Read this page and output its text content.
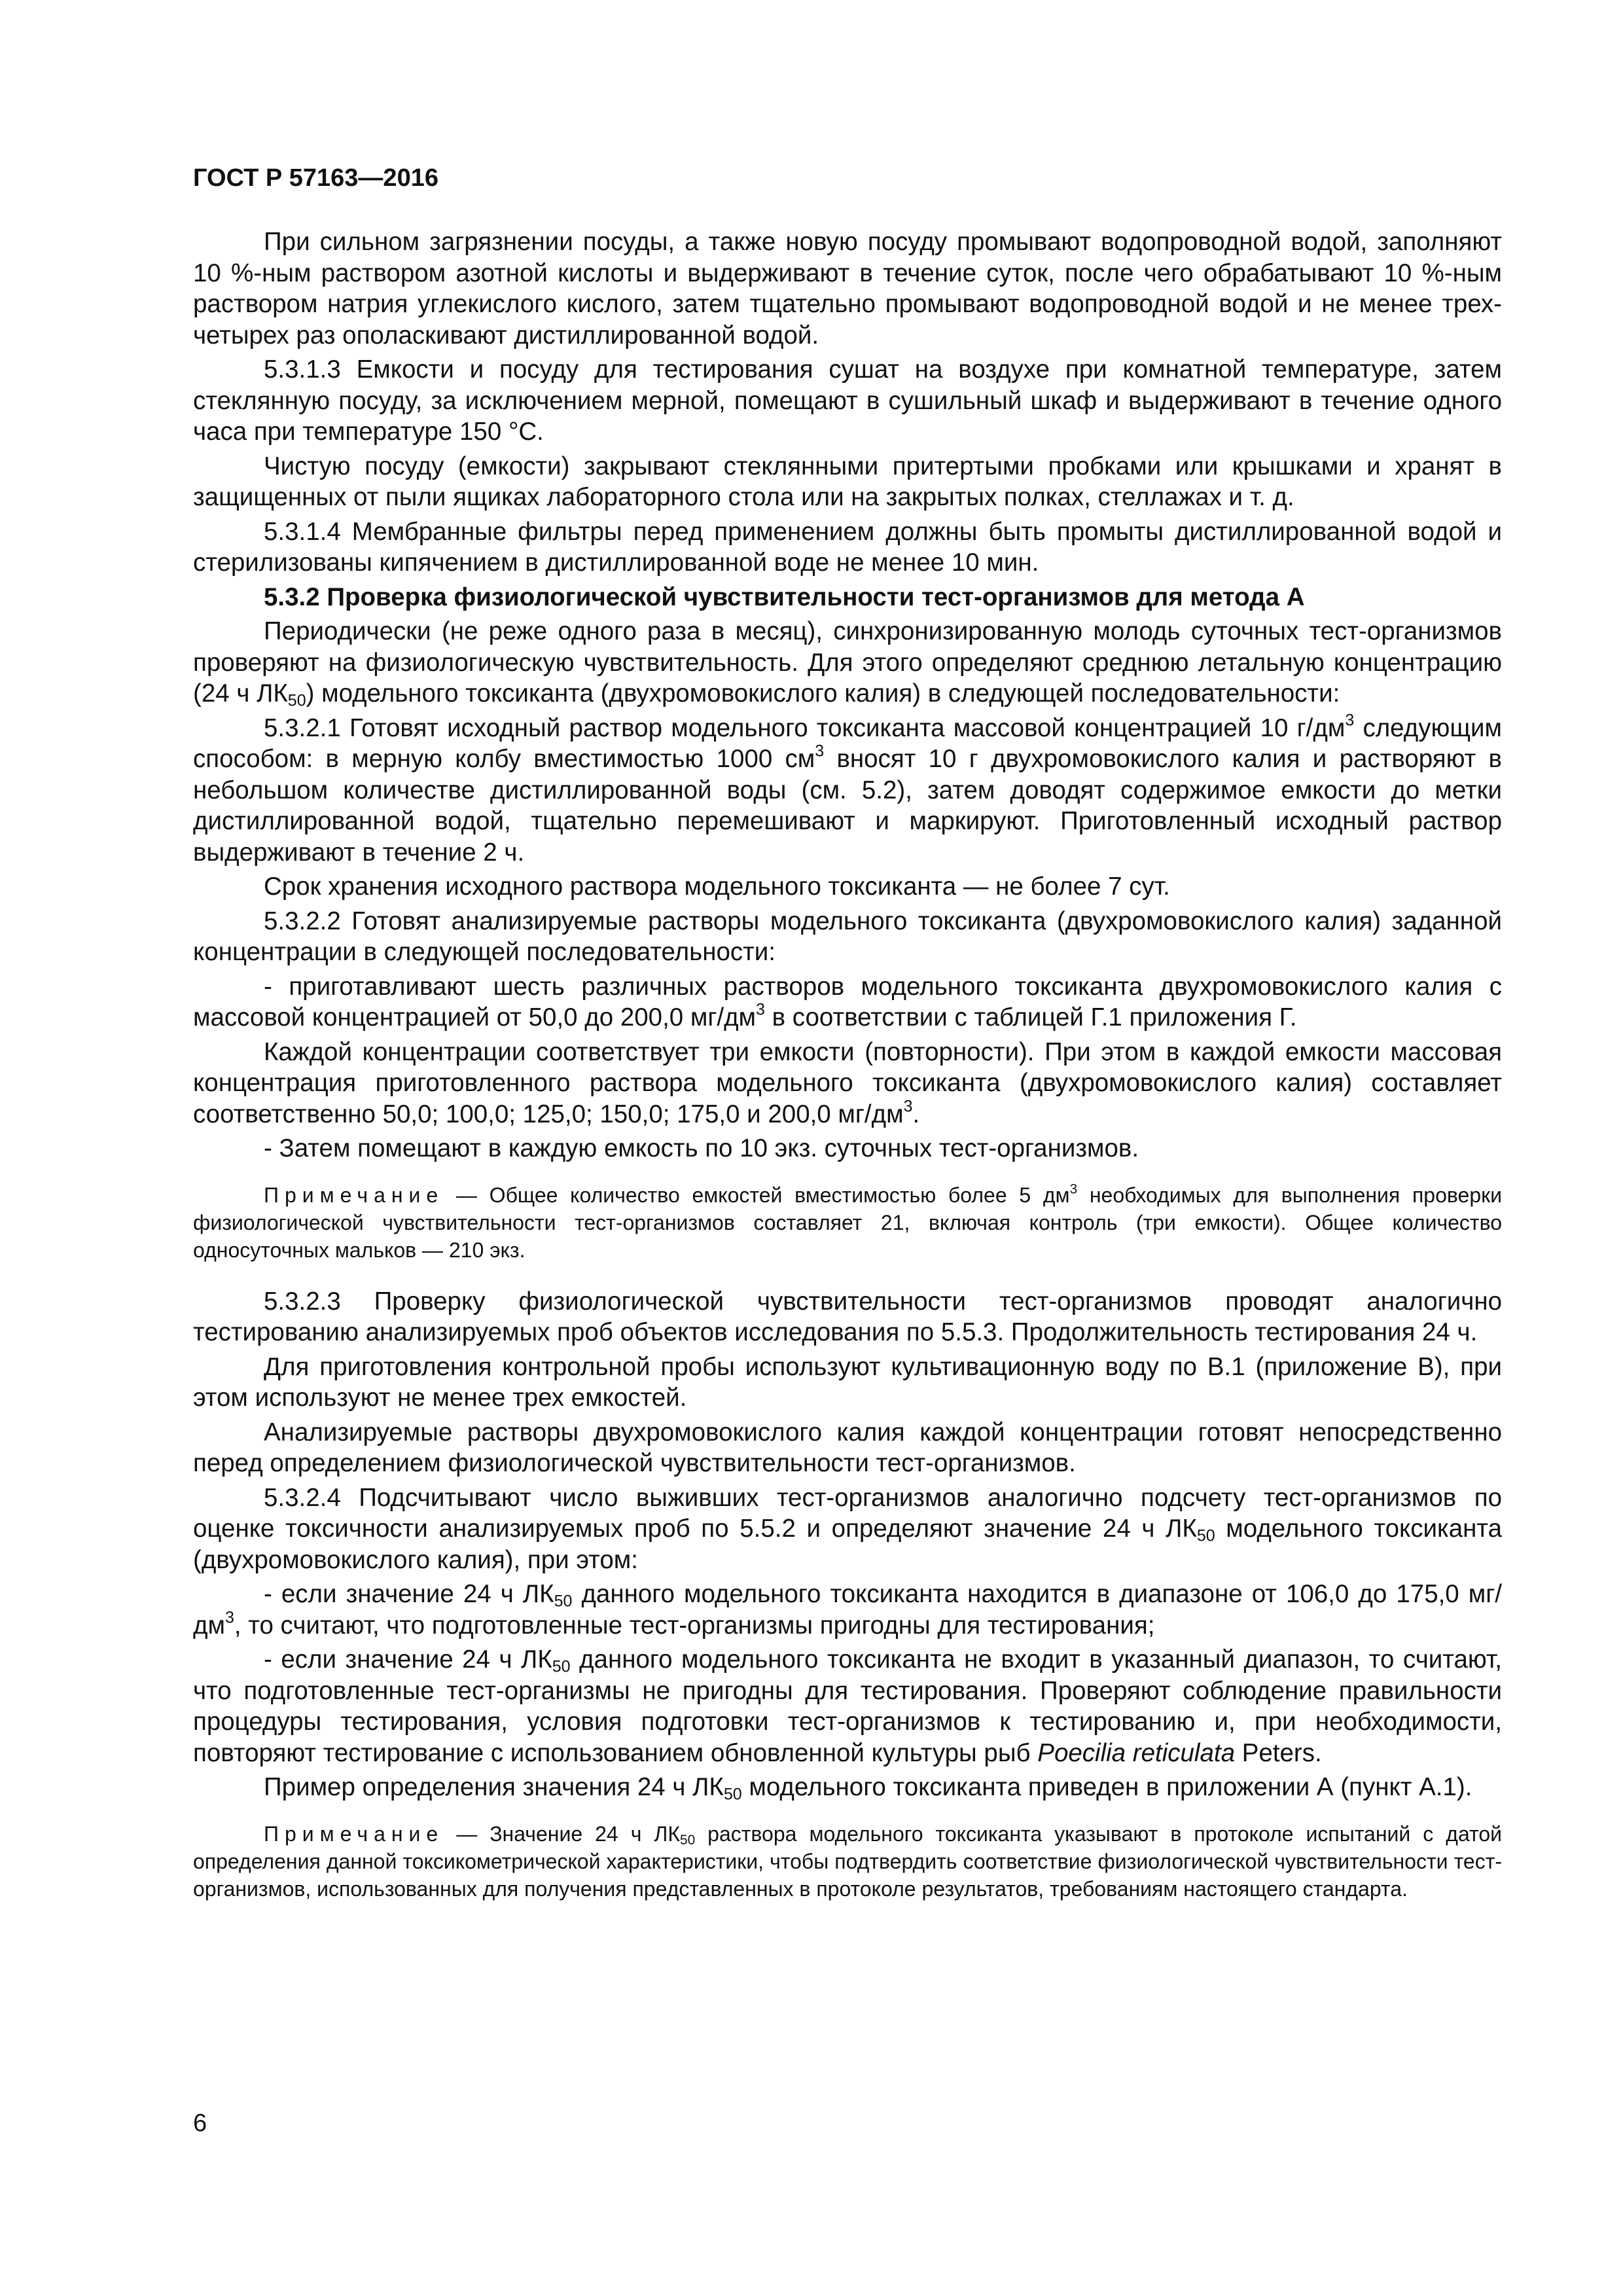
ГОСТ Р 57163—2016

При сильном загрязнении посуды, а также новую посуду промывают водопроводной водой, заполняют 10 %-ным раствором азотной кислоты и выдерживают в течение суток, после чего обрабатывают 10 %-ным раствором натрия углекислого кислого, затем тщательно промывают водопроводной водой и не менее трех-четырех раз ополаскивают дистиллированной водой.

5.3.1.3 Емкости и посуду для тестирования сушат на воздухе при комнатной температуре, затем стеклянную посуду, за исключением мерной, помещают в сушильный шкаф и выдерживают в течение одного часа при температуре 150 °C.

Чистую посуду (емкости) закрывают стеклянными притертыми пробками или крышками и хранят в защищенных от пыли ящиках лабораторного стола или на закрытых полках, стеллажах и т. д.

5.3.1.4 Мембранные фильтры перед применением должны быть промыты дистиллированной водой и стерилизованы кипячением в дистиллированной воде не менее 10 мин.

5.3.2 Проверка физиологической чувствительности тест-организмов для метода А

Периодически (не реже одного раза в месяц), синхронизированную молодь суточных тест-организмов проверяют на физиологическую чувствительность. Для этого определяют среднюю летальную концентрацию (24 ч $ЛК_{50}$) модельного токсиканта (двухромовокислого калия) в следующей последовательности:

5.3.2.1 Готовят исходный раствор модельного токсиканта массовой концентрацией 10 $г/дм^3$ следующим способом: в мерную колбу вместимостью 1000 $см^3$ вносят 10 г двухромовокислого калия и растворяют в небольшом количестве дистиллированной воды (см. 5.2), затем доводят содержимое емкости до метки дистиллированной водой, тщательно перемешивают и маркируют. Приготовленный исходный раствор выдерживают в течение 2 ч.

Срок хранения исходного раствора модельного токсиканта — не более 7 сут.

5.3.2.2 Готовят анализируемые растворы модельного токсиканта (двухромовокислого калия) заданной концентрации в следующей последовательности:

- приготавливают шесть различных растворов модельного токсиканта двухромовокислого калия с массовой концентрацией от 50,0 до 200,0 $мг/дм^3$ в соответствии с таблицей Г.1 приложения Г.

Каждой концентрации соответствует три емкости (повторности). При этом в каждой емкости массовая концентрация приготовленного раствора модельного токсиканта (двухромовокислого калия) составляет соответственно 50,0; 100,0; 125,0; 150,0; 175,0 и 200,0 $мг/дм^3$.

- Затем помещают в каждую емкость по 10 экз. суточных тест-организмов.

Примечание — Общее количество емкостей вместимостью более 5 $дм^3$ необходимых для выполнения проверки физиологической чувствительности тест-организмов составляет 21, включая контроль (три емкости). Общее количество односуточных мальков — 210 экз.

5.3.2.3 Проверку физиологической чувствительности тест-организмов проводят аналогично тестированию анализируемых проб объектов исследования по 5.5.3. Продолжительность тестирования 24 ч.

Для приготовления контрольной пробы используют культивационную воду по В.1 (приложение В), при этом используют не менее трех емкостей.

Анализируемые растворы двухромовокислого калия каждой концентрации готовят непосредственно перед определением физиологической чувствительности тест-организмов.

5.3.2.4 Подсчитывают число выживших тест-организмов аналогично подсчету тест-организмов по оценке токсичности анализируемых проб по 5.5.2 и определяют значение 24 ч $ЛК_{50}$ модельного токсиканта (двухромовокислого калия), при этом:

- если значение 24 ч $ЛК_{50}$ данного модельного токсиканта находится в диапазоне от 106,0 до 175,0 $мг/дм^3$, то считают, что подготовленные тест-организмы пригодны для тестирования;

- если значение 24 ч $ЛК_{50}$ данного модельного токсиканта не входит в указанный диапазон, то считают, что подготовленные тест-организмы не пригодны для тестирования. Проверяют соблюдение правильности процедуры тестирования, условия подготовки тест-организмов к тестированию и, при необходимости, повторяют тестирование с использованием обновленной культуры рыб Poecilia reticulata Peters.

Пример определения значения 24 ч $ЛК_{50}$ модельного токсиканта приведен в приложении А (пункт А.1).

Примечание — Значение 24 ч $ЛК_{50}$ раствора модельного токсиканта указывают в протоколе испытаний с датой определения данной токсикометрической характеристики, чтобы подтвердить соответствие физиологической чувствительности тест-организмов, использованных для получения представленных в протоколе результатов, требованиям настоящего стандарта.
6
